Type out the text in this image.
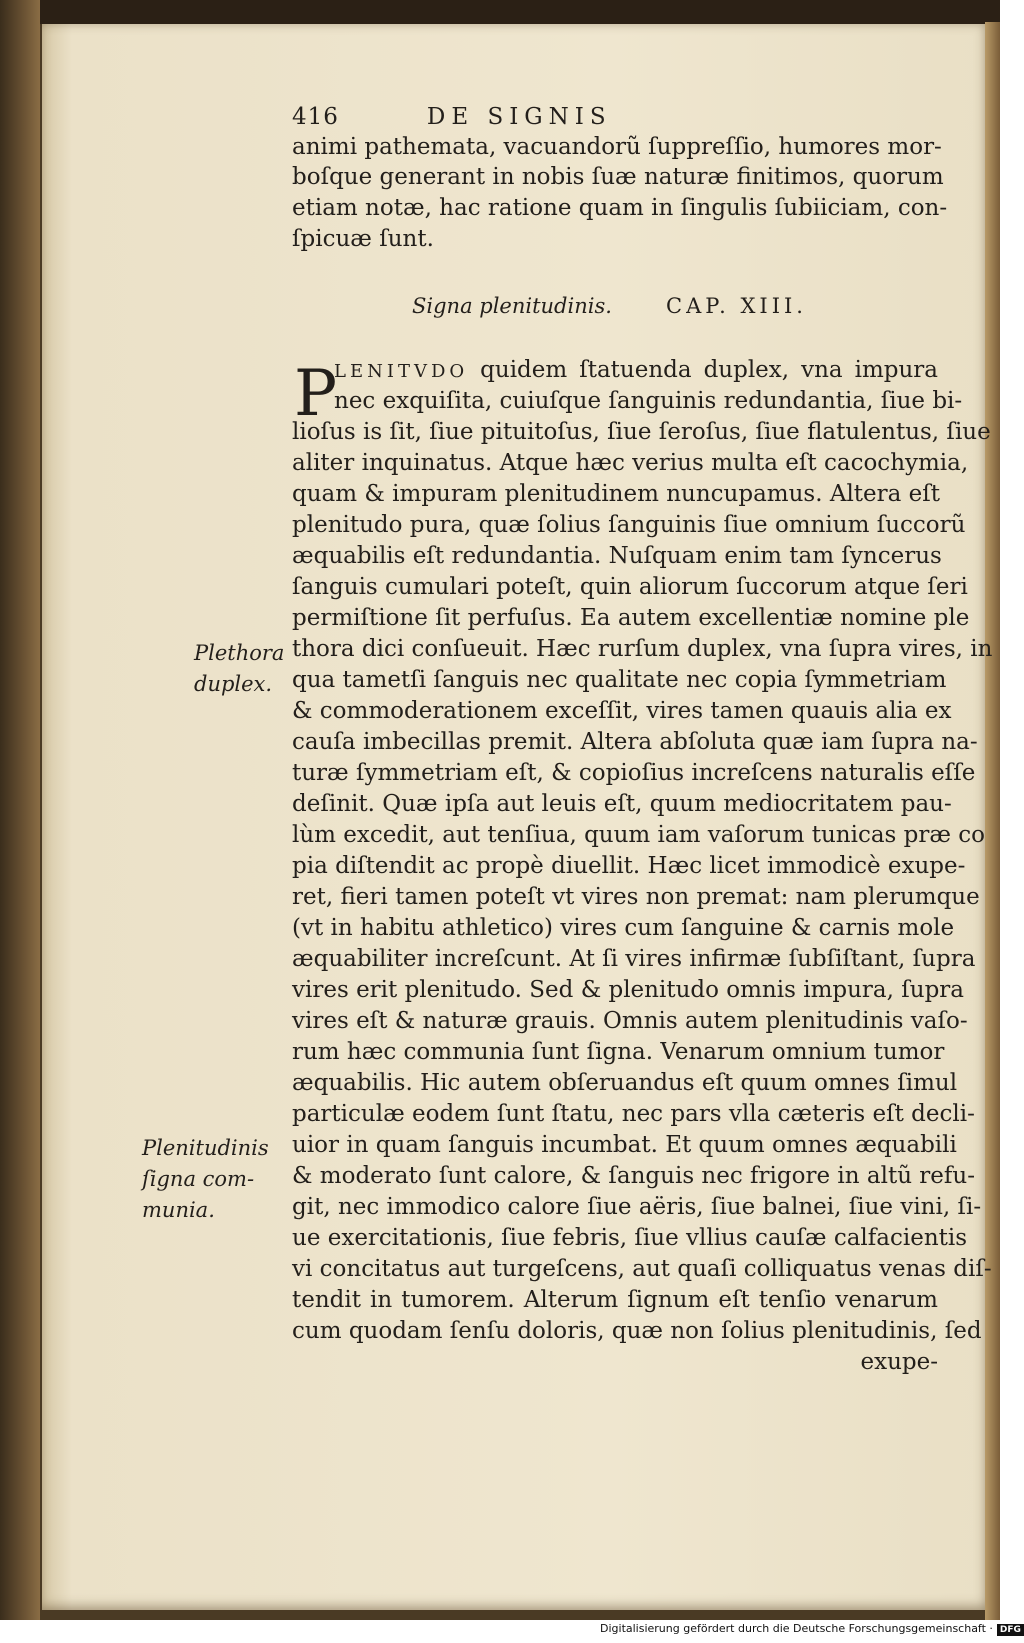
416	DE SIGNIS
animi pathemata, vacuandorũ ſuppreſſio, humores mor-
boſque generant in nobis ſuæ naturæ finitimos, quorum
etiam notæ, hac ratione quam in ſingulis ſubiiciam, con-
ſpicuæ ſunt.
Signa plenitudinis.	CAP. XIII.
P
LENITVDO quidem ſtatuenda duplex, vna impura
nec exquiſita, cuiuſque ſanguinis redundantia, ſiue bi-
lioſus is ſit, ſiue pituitoſus, ſiue ſeroſus, ſiue flatulentus, ſiue
aliter inquinatus. Atque hæc verius multa eſt cacochymia,
quam & impuram plenitudinem nuncupamus. Altera eſt
plenitudo pura, quæ ſolius ſanguinis ſiue omnium ſuccorũ
æquabilis eſt redundantia. Nuſquam enim tam ſyncerus
ſanguis cumulari poteſt, quin aliorum ſuccorum atque ſeri
permiſtione ſit perfuſus. Ea autem excellentiæ nomine ple
thora dici conſueuit. Hæc rurſum duplex, vna ſupra vires, in
qua tametſi ſanguis nec qualitate nec copia ſymmetriam
& commoderationem exceſſit, vires tamen quauis alia ex
cauſa imbecillas premit. Altera abſoluta quæ iam ſupra na-
turæ ſymmetriam eſt, & copioſius increſcens naturalis eſſe
deſinit. Quæ ipſa aut leuis eſt, quum mediocritatem pau-
lùm excedit, aut tenſiua, quum iam vaſorum tunicas præ co
pia diſtendit ac propè diuellit. Hæc licet immodicè exupe-
ret, fieri tamen poteſt vt vires non premat: nam plerumque
(vt in habitu athletico) vires cum ſanguine & carnis mole
æquabiliter increſcunt. At ſi vires infirmæ ſubſiſtant, ſupra
vires erit plenitudo. Sed & plenitudo omnis impura, ſupra
vires eſt & naturæ grauis. Omnis autem plenitudinis vaſo-
rum hæc communia ſunt ſigna. Venarum omnium tumor
æquabilis. Hic autem obſeruandus eſt quum omnes ſimul
particulæ eodem ſunt ſtatu, nec pars vlla cæteris eſt decli-
uior in quam ſanguis incumbat. Et quum omnes æquabili
& moderato ſunt calore, & ſanguis nec frigore in altũ refu-
git, nec immodico calore ſiue aëris, ſiue balnei, ſiue vini, ſi-
ue exercitationis, ſiue febris, ſiue vllius cauſæ calfacientis
vi concitatus aut turgeſcens, aut quaſi colliquatus venas diſ-
tendit in tumorem. Alterum ſignum eſt tenſio venarum
cum quodam ſenſu doloris, quæ non ſolius plenitudinis, ſed
exupe-
Plethora
duplex.
Plenitudinis
ſigna com-
munia.
Digitalisierung gefördert durch die Deutsche Forschungsgemeinschaft · DFG
